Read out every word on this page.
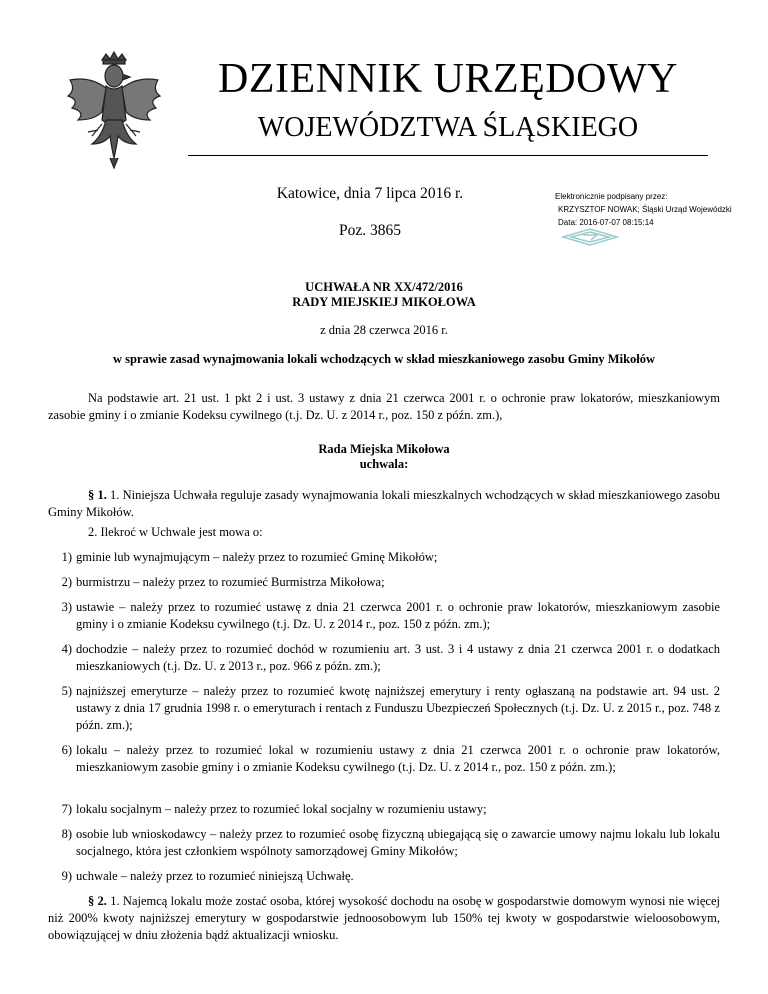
DZIENNIK URZĘDOWY
WOJEWÓDZTWA ŚLĄSKIEGO
Katowice, dnia 7 lipca 2016 r.
Poz. 3865
Elektronicznie podpisany przez:
KRZYSZTOF NOWAK; Śląski Urząd Wojewódzki
Data: 2016-07-07 08:15:14
UCHWAŁA NR XX/472/2016
RADY MIEJSKIEJ MIKOŁOWA
z dnia 28 czerwca 2016 r.
w sprawie zasad wynajmowania lokali wchodzących w skład mieszkaniowego zasobu Gminy Mikołów
Na podstawie art. 21 ust. 1 pkt 2 i ust. 3 ustawy z dnia 21 czerwca 2001 r. o ochronie praw lokatorów, mieszkaniowym zasobie gminy i o zmianie Kodeksu cywilnego (t.j. Dz. U. z 2014 r., poz. 150 z późn. zm.),
Rada Miejska Mikołowa
uchwala:
§ 1. 1. Niniejsza Uchwała reguluje zasady wynajmowania lokali mieszkalnych wchodzących w skład mieszkaniowego zasobu Gminy Mikołów.
2. Ilekroć w Uchwale jest mowa o:
1) gminie lub wynajmującym – należy przez to rozumieć Gminę Mikołów;
2) burmistrzu – należy przez to rozumieć Burmistrza Mikołowa;
3) ustawie – należy przez to rozumieć ustawę z dnia 21 czerwca 2001 r. o ochronie praw lokatorów, mieszkaniowym zasobie gminy i o zmianie Kodeksu cywilnego (t.j. Dz. U. z 2014 r., poz. 150 z późn. zm.);
4) dochodzie – należy przez to rozumieć dochód w rozumieniu art. 3 ust. 3 i 4 ustawy z dnia 21 czerwca 2001 r. o dodatkach mieszkaniowych (t.j. Dz. U. z 2013 r., poz. 966 z późn. zm.);
5) najniższej emeryturze – należy przez to rozumieć kwotę najniższej emerytury i renty ogłaszaną na podstawie art. 94 ust. 2 ustawy z dnia 17 grudnia 1998 r. o emeryturach i rentach z Funduszu Ubezpieczeń Społecznych (t.j. Dz. U. z 2015 r., poz. 748 z późn. zm.);
6) lokalu – należy przez to rozumieć lokal w rozumieniu ustawy z dnia 21 czerwca 2001 r. o ochronie praw lokatorów, mieszkaniowym zasobie gminy i o zmianie Kodeksu cywilnego (t.j. Dz. U. z 2014 r., poz. 150 z późn. zm.);
7) lokalu socjalnym – należy przez to rozumieć lokal socjalny w rozumieniu ustawy;
8) osobie lub wnioskodawcy – należy przez to rozumieć osobę fizyczną ubiegającą się o zawarcie umowy najmu lokalu lub lokalu socjalnego, która jest członkiem wspólnoty samorządowej Gminy Mikołów;
9) uchwale – należy przez to rozumieć niniejszą Uchwałę.
§ 2. 1. Najemcą lokalu może zostać osoba, której wysokość dochodu na osobę w gospodarstwie domowym wynosi nie więcej niż 200% kwoty najniższej emerytury w gospodarstwie jednoosobowym lub 150% tej kwoty w gospodarstwie wieloosobowym, obowiązującej w dniu złożenia bądź aktualizacji wniosku.
